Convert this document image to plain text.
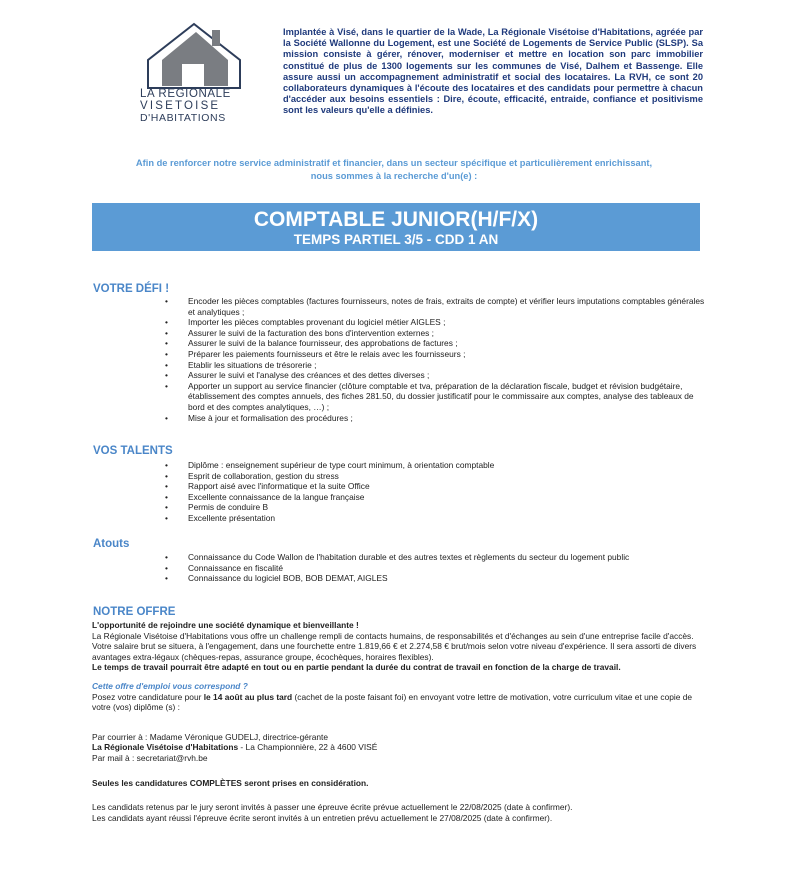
LA REGIONALE
VISETOISE
D'HABITATIONS
Implantée à Visé, dans le quartier de la Wade, La Régionale Visétoise d'Habitations, agréée par la Société Wallonne du Logement, est une Société de Logements de Service Public (SLSP). Sa mission consiste à gérer, rénover, moderniser et mettre en location son parc immobilier constitué de plus de 1300 logements sur les communes de Visé, Dalhem et Bassenge. Elle assure aussi un accompagnement administratif et social des locataires. La RVH, ce sont 20 collaborateurs dynamiques à l'écoute des locataires et des candidats pour permettre à chacun d'accéder aux besoins essentiels : Dire, écoute, efficacité, entraide, confiance et positivisme sont les valeurs qu'elle a définies.
Afin de renforcer notre service administratif et financier, dans un secteur spécifique et particulièrement enrichissant,
nous sommes à la recherche d'un(e) :
COMPTABLE JUNIOR(H/F/X)
TEMPS PARTIEL 3/5 - CDD 1 AN
VOTRE DÉFI !
• Encoder les pièces comptables (factures fournisseurs, notes de frais, extraits de compte) et vérifier leurs imputations comptables générales et analytiques ;
• Importer les pièces comptables provenant du logiciel métier AIGLES ;
• Assurer le suivi de la facturation des bons d'intervention externes ;
• Assurer le suivi de la balance fournisseur, des approbations de factures ;
• Préparer les paiements fournisseurs et être le relais avec les fournisseurs ;
• Etablir les situations de trésorerie ;
• Assurer le suivi et l'analyse des créances et des dettes diverses ;
• Apporter un support au service financier (clôture comptable et tva, préparation de la déclaration fiscale, budget et révision budgétaire, établissement des comptes annuels, des fiches 281.50, du dossier justificatif pour le commissaire aux comptes, analyse des tableaux de bord et des comptes analytiques, …) ;
• Mise à jour et formalisation des procédures ;
VOS TALENTS
• Diplôme : enseignement supérieur de type court minimum, à orientation comptable
• Esprit de collaboration, gestion du stress
• Rapport aisé avec l'informatique et la suite Office
• Excellente connaissance de la langue française
• Permis de conduire B
• Excellente présentation
Atouts
• Connaissance du Code Wallon de l'habitation durable et des autres textes et règlements du secteur du logement public
• Connaissance en fiscalité
• Connaissance du logiciel BOB, BOB DEMAT, AIGLES
NOTRE OFFRE

L'opportunité de rejoindre une société dynamique et bienveillante !

La Régionale Visétoise d'Habitations vous offre un challenge rempli de contacts humains, de responsabilités et d'échanges au sein d'une entreprise facile d'accès.

Votre salaire brut se situera, à l'engagement, dans une fourchette entre 1.819,66 € et 2.274,58 € brut/mois selon votre niveau d'expérience. Il sera assorti de divers avantages extra-légaux (chèques-repas, assurance groupe, écochèques, horaires flexibles).

Le temps de travail pourrait être adapté en tout ou en partie pendant la durée du contrat de travail en fonction de la charge de travail.

Cette offre d'emploi vous correspond ?

Posez votre candidature pour le 14 août au plus tard (cachet de la poste faisant foi) en envoyant votre lettre de motivation, votre curriculum vitae et une copie de votre (vos) diplôme (s) :

Par courrier à : Madame Véronique GUDELJ, directrice-gérante

La Régionale Visétoise d'Habitations - La Championnière, 22 à 4600 VISÉ

Par mail à : secretariat@rvh.be

Seules les candidatures COMPLÈTES seront prises en considération.

Les candidats retenus par le jury seront invités à passer une épreuve écrite prévue actuellement le 22/08/2025 (date à confirmer).

Les candidats ayant réussi l'épreuve écrite seront invités à un entretien prévu actuellement le 27/08/2025 (date à confirmer).
